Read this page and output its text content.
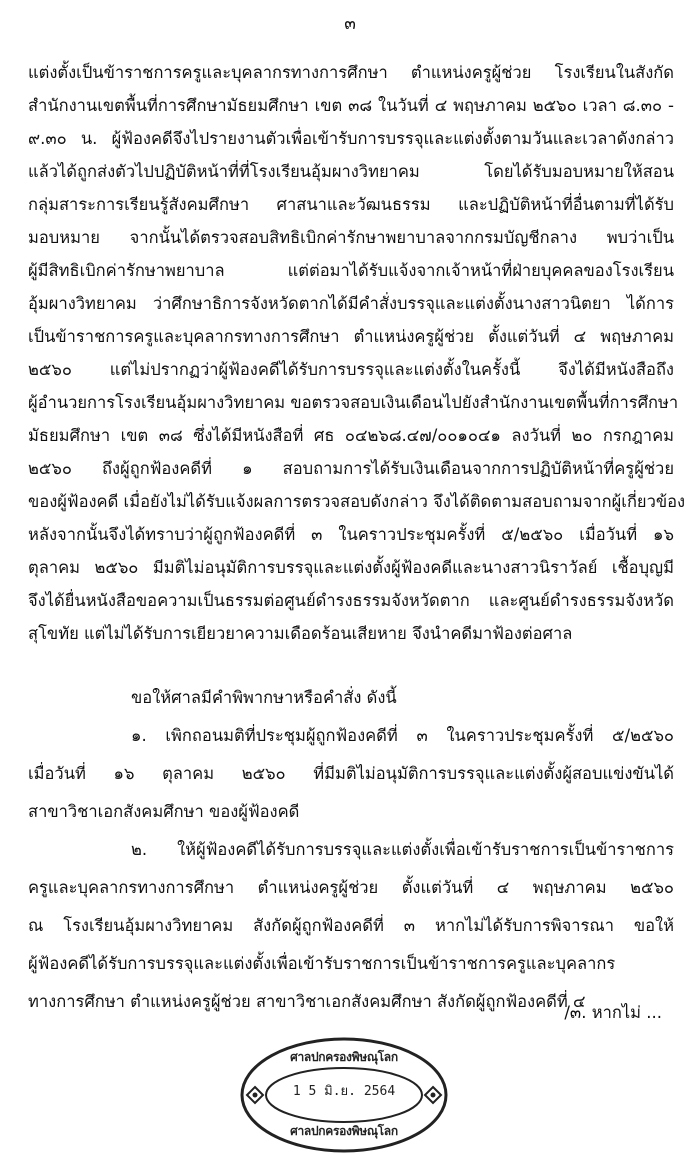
๓
แต่งตั้งเป็นข้าราชการครูและบุคลากรทางการศึกษา ตำแหน่งครูผู้ช่วย โรงเรียนในสังกัด
สำนักงานเขตพื้นที่การศึกษามัธยมศึกษา เขต ๓๘ ในวันที่ ๔ พฤษภาคม ๒๕๖๐ เวลา ๘.๓๐ -
๙.๓๐ น. ผู้ฟ้องคดีจึงไปรายงานตัวเพื่อเข้ารับการบรรจุและแต่งตั้งตามวันและเวลาดังกล่าว
แล้วได้ถูกส่งตัวไปปฏิบัติหน้าที่ที่โรงเรียนอุ้มผางวิทยาคม โดยได้รับมอบหมายให้สอน
กลุ่มสาระการเรียนรู้สังคมศึกษา ศาสนาและวัฒนธรรม และปฏิบัติหน้าที่อื่นตามที่ได้รับ
มอบหมาย จากนั้นได้ตรวจสอบสิทธิเบิกค่ารักษาพยาบาลจากกรมบัญชีกลาง พบว่าเป็น
ผู้มีสิทธิเบิกค่ารักษาพยาบาล แต่ต่อมาได้รับแจ้งจากเจ้าหน้าที่ฝ่ายบุคคลของโรงเรียน
อุ้มผางวิทยาคม ว่าศึกษาธิการจังหวัดตากได้มีคำสั่งบรรจุและแต่งตั้งนางสาวนิตยา ได้การ
เป็นข้าราชการครูและบุคลากรทางการศึกษา ตำแหน่งครูผู้ช่วย ตั้งแต่วันที่ ๔ พฤษภาคม
๒๕๖๐ แต่ไม่ปรากฏว่าผู้ฟ้องคดีได้รับการบรรจุและแต่งตั้งในครั้งนี้ จึงได้มีหนังสือถึง
ผู้อำนวยการโรงเรียนอุ้มผางวิทยาคม ขอตรวจสอบเงินเดือนไปยังสำนักงานเขตพื้นที่การศึกษา
มัธยมศึกษา เขต ๓๘ ซึ่งได้มีหนังสือที่ ศธ ๐๔๒๖๘.๔๗/๐๐๑๐๔๑ ลงวันที่ ๒๐ กรกฎาคม
๒๕๖๐ ถึงผู้ถูกฟ้องคดีที่ ๑ สอบถามการได้รับเงินเดือนจากการปฏิบัติหน้าที่ครูผู้ช่วย
ของผู้ฟ้องคดี เมื่อยังไม่ได้รับแจ้งผลการตรวจสอบดังกล่าว จึงได้ติดตามสอบถามจากผู้เกี่ยวข้อง
หลังจากนั้นจึงได้ทราบว่าผู้ถูกฟ้องคดีที่ ๓ ในคราวประชุมครั้งที่ ๕/๒๕๖๐ เมื่อวันที่ ๑๖
ตุลาคม ๒๕๖๐ มีมติไม่อนุมัติการบรรจุและแต่งตั้งผู้ฟ้องคดีและนางสาวนิราวัลย์ เชื้อบุญมี
จึงได้ยื่นหนังสือขอความเป็นธรรมต่อศูนย์ดำรงธรรมจังหวัดตาก และศูนย์ดำรงธรรมจังหวัด
สุโขทัย แต่ไม่ได้รับการเยียวยาความเดือดร้อนเสียหาย จึงนำคดีมาฟ้องต่อศาล
ขอให้ศาลมีคำพิพากษาหรือคำสั่ง ดังนี้
๑. เพิกถอนมติที่ประชุมผู้ถูกฟ้องคดีที่ ๓ ในคราวประชุมครั้งที่ ๕/๒๕๖๐
เมื่อวันที่ ๑๖ ตุลาคม ๒๕๖๐ ที่มีมติไม่อนุมัติการบรรจุและแต่งตั้งผู้สอบแข่งขันได้
สาขาวิชาเอกสังคมศึกษา ของผู้ฟ้องคดี
๒. ให้ผู้ฟ้องคดีได้รับการบรรจุและแต่งตั้งเพื่อเข้ารับราชการเป็นข้าราชการ
ครูและบุคลากรทางการศึกษา ตำแหน่งครูผู้ช่วย ตั้งแต่วันที่ ๔ พฤษภาคม ๒๕๖๐
ณ โรงเรียนอุ้มผางวิทยาคม สังกัดผู้ถูกฟ้องคดีที่ ๓ หากไม่ได้รับการพิจารณา ขอให้
ผู้ฟ้องคดีได้รับการบรรจุและแต่งตั้งเพื่อเข้ารับราชการเป็นข้าราชการครูและบุคลากร
ทางการศึกษา ตำแหน่งครูผู้ช่วย สาขาวิชาเอกสังคมศึกษา สังกัดผู้ถูกฟ้องคดีที่ ๔
/๓. หากไม่ ...
ศาลปกครองพิษณุโลก
1 5 มิ.ย. 2564
ศาลปกครองพิษณุโลก
